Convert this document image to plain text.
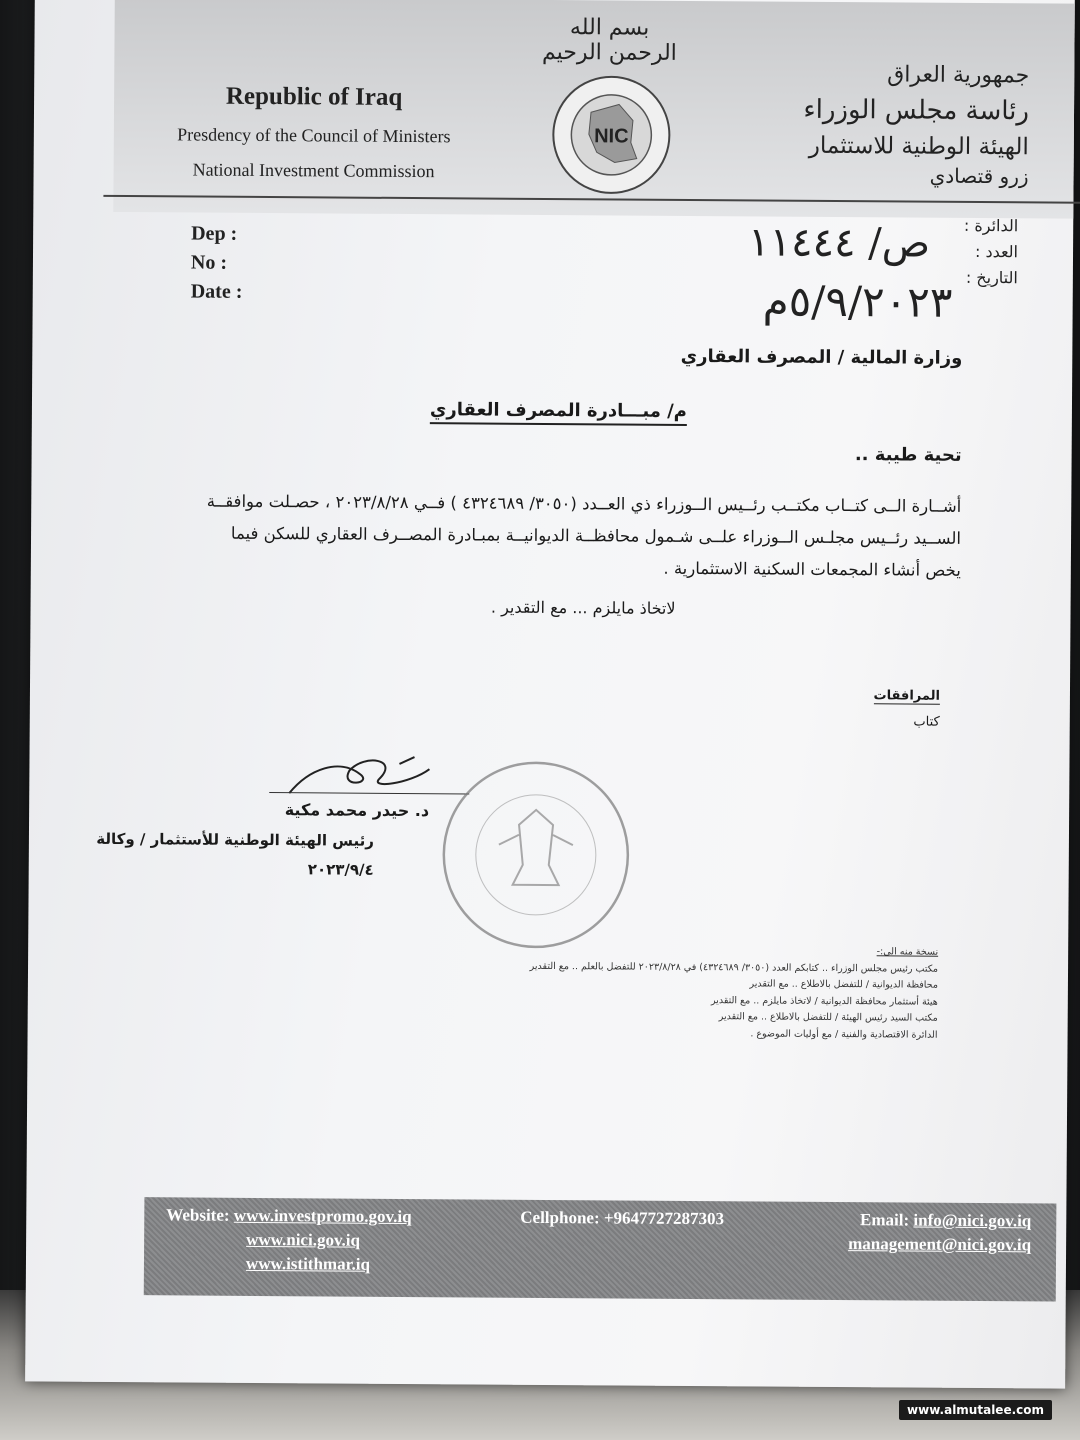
Republic of Iraq
Presdency of the Council of Ministers
National Investment Commission
بسم الله الرحمن الرحيم
NIC
جمهورية العراق
رئاسة مجلس الوزراء
الهيئة الوطنية للاستثمار
زرو قتصادي
Dep :
No :
Date :
الدائرة :
العدد :
التاريخ :
ص/ ١١٤٤٤
٥/٩/٢٠٢٣م
وزارة المالية / المصرف العقاري
م/ مبـــادرة المصرف العقاري
تحية طيبة ..
أشــارة الــى كتــاب مكتــب رئــيس الــوزراء ذي العــدد (٣٠٥٠/ ٤٣٢٤٦٨٩ ) فــي ٢٠٢٣/٨/٢٨ ، حصـلت موافقــة الســيد رئــيس مجلـس الــوزراء علــى شـمول محافظــة الديوانيــة بمبـادرة المصــرف العقاري للسكن فيما يخص أنشاء المجمعات السكنية الاستثمارية .
لاتخاذ مايلزم ... مع التقدير .
المرافقات
كتاب
د. حيدر محمد مكية
رئيس الهيئة الوطنية للأستثمار / وكالة
٢٠٢٣/٩/٤
نسخة منه الى:-
مكتب رئيس مجلس الوزراء .. كتابكم العدد (٣٠٥٠/ ٤٣٢٤٦٨٩) في ٢٠٢٣/٨/٢٨ للتفضل بالعلم .. مع التقدير
محافظة الديوانية / للتفضل بالاطلاع .. مع التقدير
هيئة أستثمار محافظة الديوانية / لاتخاذ مايلزم .. مع التقدير
مكتب السيد رئيس الهيئة / للتفضل بالاطلاع .. مع التقدير
الدائرة الاقتصادية والفنية / مع أوليات الموضوع .
Website: www.investpromo.gov.iq
www.nici.gov.iq
www.istithmar.iq
Cellphone: +9647727287303	Email: info@nici.gov.iq
management@nici.gov.iq
www.almutalee.com
